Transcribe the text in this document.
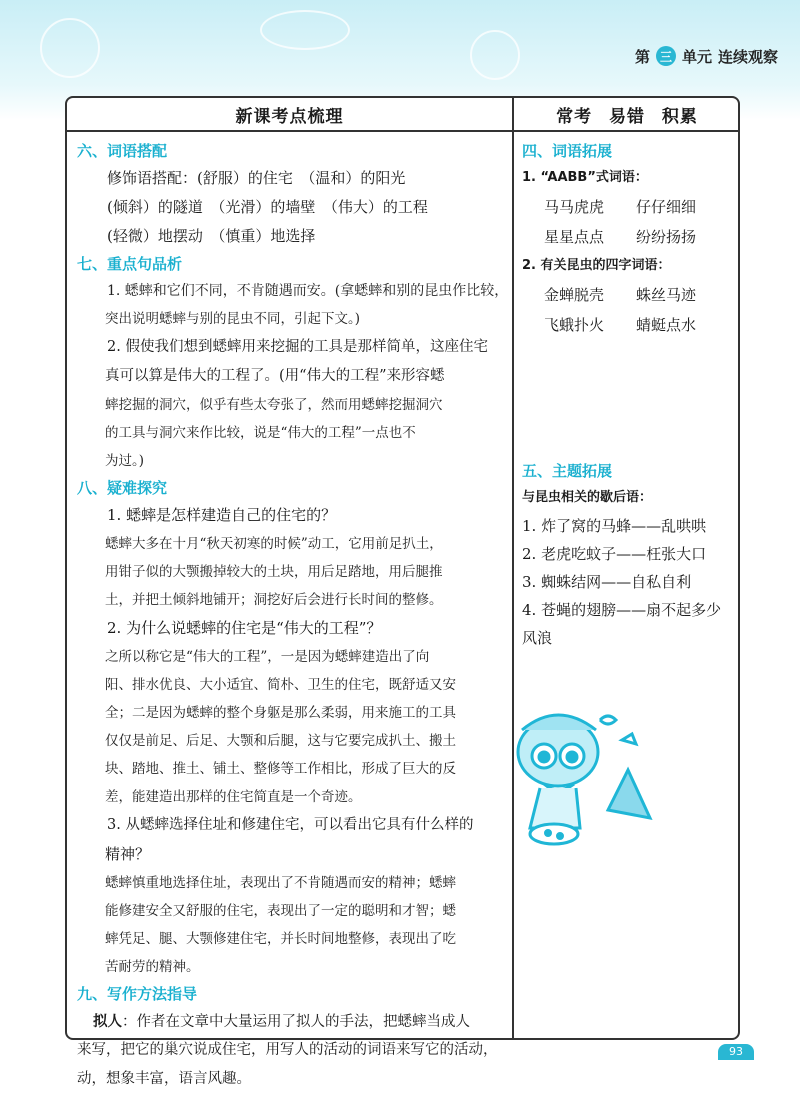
第 三 单元 连续观察
新课考点梳理	常考 易错 积累
六、词语搭配
修饰语搭配：(舒服）的住宅　（温和）的阳光
(倾斜）的隧道　（光滑）的墙壁　（伟大）的工程
(轻微）地摆动　（慎重）地选择
七、重点句品析
1. 蟋蟀和它们不同，不肯随遇而安。(拿蟋蟀和别的昆虫作比较，
突出说明蟋蟀与别的昆虫不同，引起下文。)
2. 假使我们想到蟋蟀用来挖掘的工具是那样简单，这座住宅
真可以算是伟大的工程了。(用“伟大的工程”来形容蟋
蟀挖掘的洞穴，似乎有些太夸张了，然而用蟋蟀挖掘洞穴
的工具与洞穴来作比较，说是“伟大的工程”一点也不
为过。)
八、疑难探究
1. 蟋蟀是怎样建造自己的住宅的？
蟋蟀大多在十月“秋天初寒的时候”动工，它用前足扒土，
用钳子似的大颚搬掉较大的土块，用后足踏地，用后腿推
土，并把土倾斜地铺开；洞挖好后会进行长时间的整修。
2. 为什么说蟋蟀的住宅是“伟大的工程”？
之所以称它是“伟大的工程”，一是因为蟋蟀建造出了向
阳、排水优良、大小适宜、简朴、卫生的住宅，既舒适又安
全；二是因为蟋蟀的整个身躯是那么柔弱，用来施工的工具
仅仅是前足、后足、大颚和后腿，这与它要完成扒土、搬土
块、踏地、推土、铺土、整修等工作相比，形成了巨大的反
差，能建造出那样的住宅简直是一个奇迹。
3. 从蟋蟀选择住址和修建住宅，可以看出它具有什么样的
精神？
蟋蟀慎重地选择住址，表现出了不肯随遇而安的精神；蟋蟀
能修建安全又舒服的住宅，表现出了一定的聪明和才智；蟋
蟀凭足、腿、大颚修建住宅，并长时间地整修，表现出了吃
苦耐劳的精神。
九、写作方法指导
拟人：作者在文章中大量运用了拟人的手法，把蟋蟀当成人
来写，把它的巢穴说成住宅，用写人的活动的词语来写它的活动，
动，想象丰富，语言风趣。
四、词语拓展
1. “AABB”式词语：
马马虎虎	仔仔细细
星星点点	纷纷扬扬
2. 有关昆虫的四字词语：
金蝉脱壳	蛛丝马迹
飞蛾扑火	蜻蜓点水
五、主题拓展
与昆虫相关的歇后语：
1. 炸了窝的马蜂——乱哄哄
2. 老虎吃蚊子——枉张大口
3. 蜘蛛结网——自私自利
4. 苍蝇的翅膀——扇不起多少
风浪
93
